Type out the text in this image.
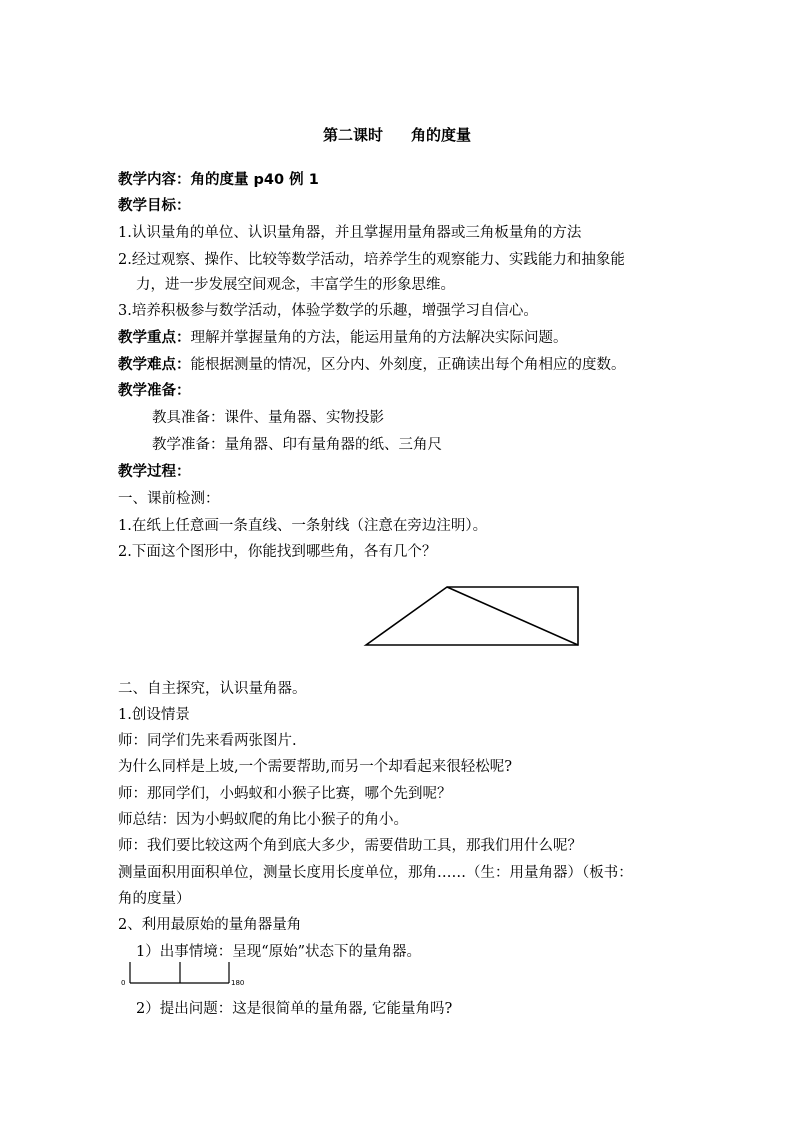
第二课时 角的度量
教学内容：角的度量 p40 例 1
教学目标：
1.认识量角的单位、认识量角器，并且掌握用量角器或三角板量角的方法
2.经过观察、操作、比较等数学活动，培养学生的观察能力、实践能力和抽象能
力，进一步发展空间观念，丰富学生的形象思维。
3.培养积极参与数学活动，体验学数学的乐趣，增强学习自信心。
教学重点：理解并掌握量角的方法，能运用量角的方法解决实际问题。
教学难点：能根据测量的情况，区分内、外刻度，正确读出每个角相应的度数。
教学准备：
教具准备：课件、量角器、实物投影
教学准备：量角器、印有量角器的纸、三角尺
教学过程：
一、课前检测：
1.在纸上任意画一条直线、一条射线（注意在旁边注明）。
2.下面这个图形中，你能找到哪些角，各有几个？
0	180
二、自主探究，认识量角器。
1.创设情景
师：同学们先来看两张图片.
为什么同样是上坡,一个需要帮助,而另一个却看起来很轻松呢?
师：那同学们，小蚂蚁和小猴子比赛，哪个先到呢？
师总结：因为小蚂蚁爬的角比小猴子的角小。
师：我们要比较这两个角到底大多少，需要借助工具，那我们用什么呢？
测量面积用面积单位，测量长度用长度单位，那角……（生：用量角器）（板书：
角的度量）
2、利用最原始的量角器量角
1）出事情境：呈现“原始”状态下的量角器。
2）提出问题：这是很简单的量角器, 它能量角吗?
